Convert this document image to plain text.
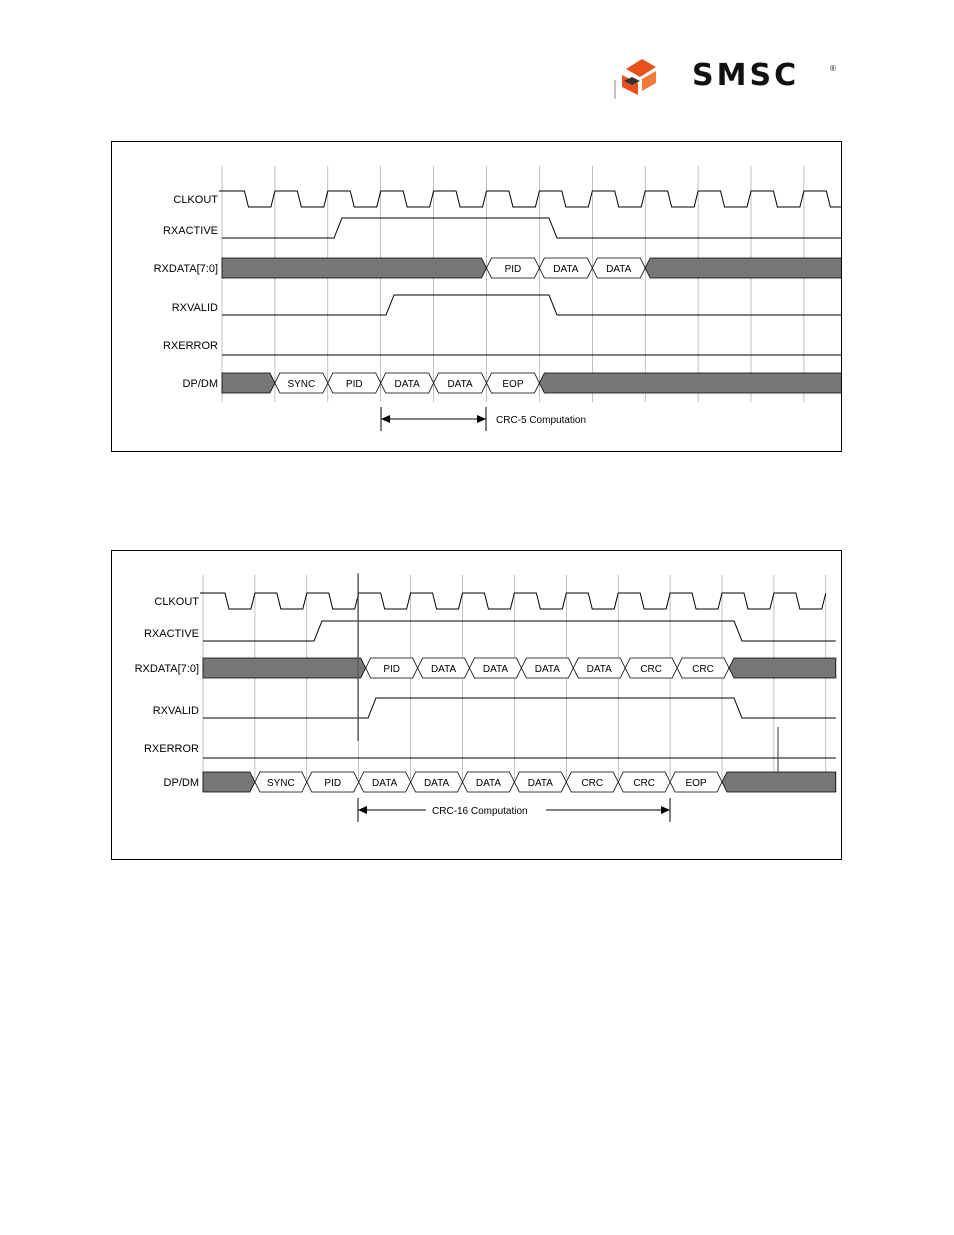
SMSC	®
CLKOUT
RXACTIVE
RXDATA[7:0]
RXVALID
RXERROR
DP/DM
PID	DATA	DATA
SYNC	PID	DATA	DATA	EOP
CRC-5 Computation
CLKOUT
RXACTIVE
RXDATA[7:0]
RXVALID
RXERROR
DP/DM
PID	DATA	DATA	DATA	DATA	CRC	CRC
SYNC	PID	DATA	DATA	DATA	DATA	CRC	CRC	EOP
CRC-16 Computation
